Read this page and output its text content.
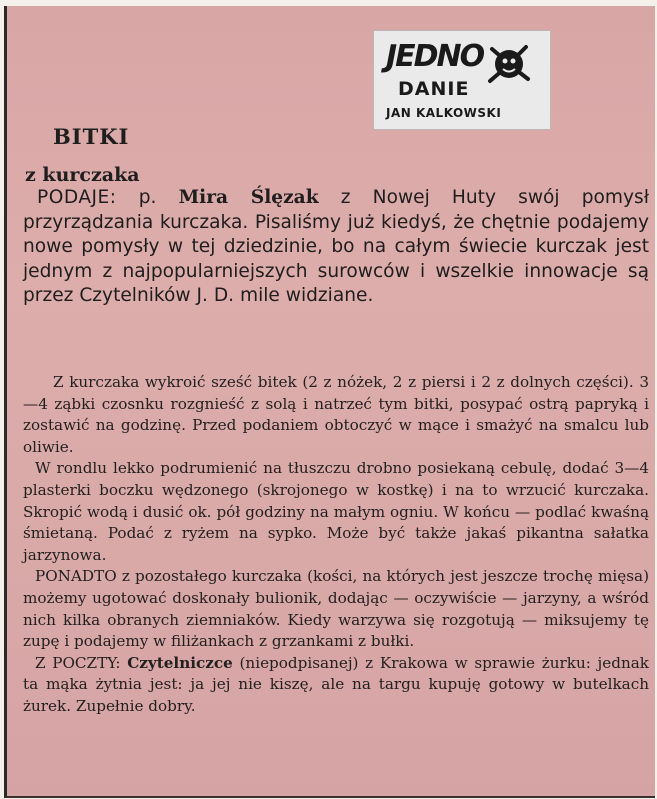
JEDNO
DANIE
JAN KALKOWSKI
BITKI
z kurczaka
PODAJE: p. Mira Ślęzak z Nowej Huty swój pomysł przyrządzania kurczaka. Pisaliśmy już kiedyś, że chętnie podajemy nowe pomysły w tej dziedzinie, bo na całym świecie kurczak jest jednym z najpopularniejszych surowców i wszelkie innowacje są przez Czytelników J. D. mile widziane.

Z kurczaka wykroić sześć bitek (2 z nóżek, 2 z piersi i 2 z dolnych części). 3—4 ząbki czosnku rozgnieść z solą i natrzeć tym bitki, posypać ostrą papryką i zostawić na godzinę. Przed podaniem obtoczyć w mące i smażyć na smalcu lub oliwie.

W rondlu lekko podrumienić na tłuszczu drobno posiekaną cebulę, dodać 3—4 plasterki boczku wędzonego (skrojonego w kostkę) i na to wrzucić kurczaka. Skropić wodą i dusić ok. pół godziny na małym ogniu. W końcu — podlać kwaśną śmietaną. Podać z ryżem na sypko. Może być także jakaś pikantna sałatka jarzynowa.

PONADTO z pozostałego kurczaka (kości, na których jest jeszcze trochę mięsa) możemy ugotować doskonały bulionik, dodając — oczywiście — jarzyny, a wśród nich kilka obranych ziemniaków. Kiedy warzywa się rozgotują — miksujemy tę zupę i podajemy w filiżankach z grzankami z bułki.

Z POCZTY: Czytelniczce (niepodpisanej) z Krakowa w sprawie żurku: jednak ta mąka żytnia jest: ja jej nie kiszę, ale na targu kupuję gotowy w butelkach żurek. Zupełnie dobry.
